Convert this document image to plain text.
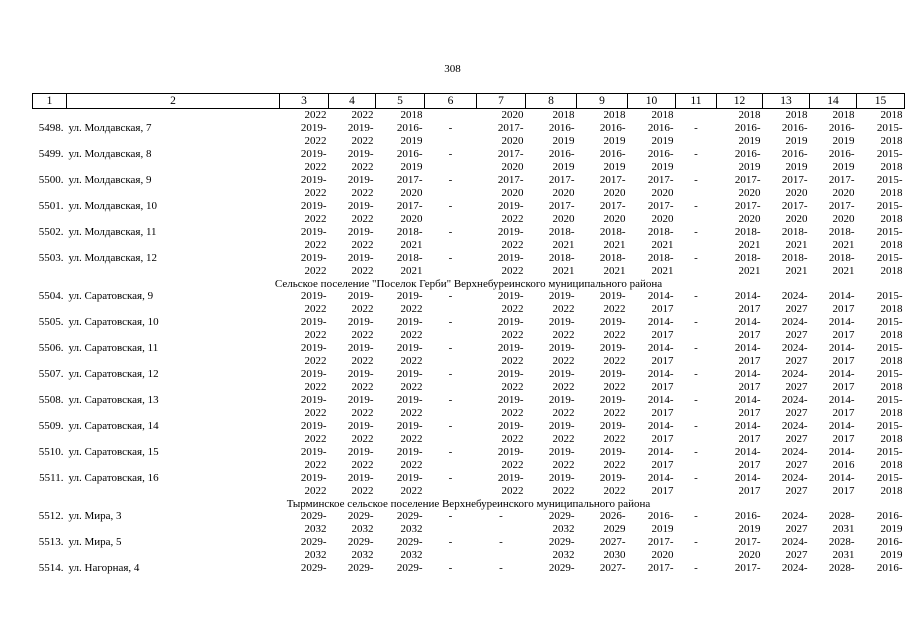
308
1	2	3	4	5	6	7	8	9	10	11	12	13	14	15
		2022	2022	2018		2020	2018	2018	2018		2018	2018	2018	2018
5498.	ул. Молдавская, 7	2019-	2019-	2016-	-	2017-	2016-	2016-	2016-	-	2016-	2016-	2016-	2015-
		2022	2022	2019		2020	2019	2019	2019		2019	2019	2019	2018
5499.	ул. Молдавская, 8	2019-	2019-	2016-	-	2017-	2016-	2016-	2016-	-	2016-	2016-	2016-	2015-
		2022	2022	2019		2020	2019	2019	2019		2019	2019	2019	2018
5500.	ул. Молдавская, 9	2019-	2019-	2017-	-	2017-	2017-	2017-	2017-	-	2017-	2017-	2017-	2015-
		2022	2022	2020		2020	2020	2020	2020		2020	2020	2020	2018
5501.	ул. Молдавская, 10	2019-	2019-	2017-	-	2019-	2017-	2017-	2017-	-	2017-	2017-	2017-	2015-
		2022	2022	2020		2022	2020	2020	2020		2020	2020	2020	2018
5502.	ул. Молдавская, 11	2019-	2019-	2018-	-	2019-	2018-	2018-	2018-	-	2018-	2018-	2018-	2015-
		2022	2022	2021		2022	2021	2021	2021		2021	2021	2021	2018
5503.	ул. Молдавская, 12	2019-	2019-	2018-	-	2019-	2018-	2018-	2018-	-	2018-	2018-	2018-	2015-
		2022	2022	2021		2022	2021	2021	2021		2021	2021	2021	2018
Сельское поселение "Поселок Герби" Верхнебуреинского муниципального района														
5504.	ул. Саратовская, 9	2019-	2019-	2019-	-	2019-	2019-	2019-	2014-	-	2014-	2024-	2014-	2015-
		2022	2022	2022		2022	2022	2022	2017		2017	2027	2017	2018
5505.	ул. Саратовская, 10	2019-	2019-	2019-	-	2019-	2019-	2019-	2014-	-	2014-	2024-	2014-	2015-
		2022	2022	2022		2022	2022	2022	2017		2017	2027	2017	2018
5506.	ул. Саратовская, 11	2019-	2019-	2019-	-	2019-	2019-	2019-	2014-	-	2014-	2024-	2014-	2015-
		2022	2022	2022		2022	2022	2022	2017		2017	2027	2017	2018
5507.	ул. Саратовская, 12	2019-	2019-	2019-	-	2019-	2019-	2019-	2014-	-	2014-	2024-	2014-	2015-
		2022	2022	2022		2022	2022	2022	2017		2017	2027	2017	2018
5508.	ул. Саратовская, 13	2019-	2019-	2019-	-	2019-	2019-	2019-	2014-	-	2014-	2024-	2014-	2015-
		2022	2022	2022		2022	2022	2022	2017		2017	2027	2017	2018
5509.	ул. Саратовская, 14	2019-	2019-	2019-	-	2019-	2019-	2019-	2014-	-	2014-	2024-	2014-	2015-
		2022	2022	2022		2022	2022	2022	2017		2017	2027	2017	2018
5510.	ул. Саратовская, 15	2019-	2019-	2019-	-	2019-	2019-	2019-	2014-	-	2014-	2024-	2014-	2015-
		2022	2022	2022		2022	2022	2022	2017		2017	2027	2016	2018
5511.	ул. Саратовская, 16	2019-	2019-	2019-	-	2019-	2019-	2019-	2014-	-	2014-	2024-	2014-	2015-
		2022	2022	2022		2022	2022	2022	2017		2017	2027	2017	2018
Тырминское сельское поселение Верхнебуреинского муниципального района														
5512.	ул. Мира, 3	2029-	2029-	2029-	-	-	2029-	2026-	2016-	-	2016-	2024-	2028-	2016-
		2032	2032	2032			2032	2029	2019		2019	2027	2031	2019
5513.	ул. Мира, 5	2029-	2029-	2029-	-	-	2029-	2027-	2017-	-	2017-	2024-	2028-	2016-
		2032	2032	2032			2032	2030	2020		2020	2027	2031	2019
5514.	ул. Нагорная, 4	2029-	2029-	2029-	-	-	2029-	2027-	2017-	-	2017-	2024-	2028-	2016-
